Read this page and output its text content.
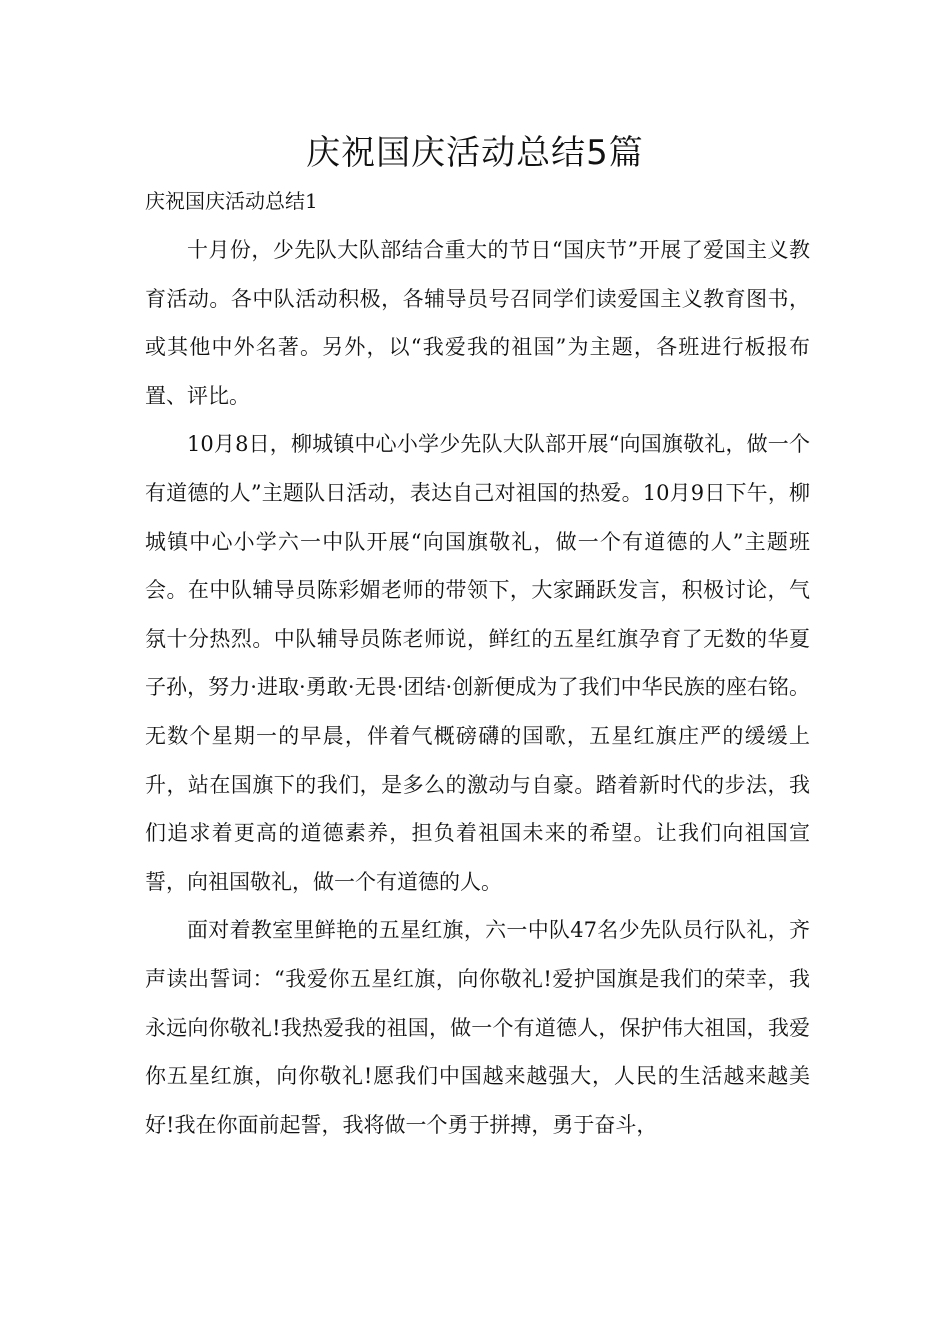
庆祝国庆活动总结5篇
庆祝国庆活动总结1

十月份，少先队大队部结合重大的节日“国庆节”开展了爱国主义教育活动。各中队活动积极，各辅导员号召同学们读爱国主义教育图书，或其他中外名著。另外，以“我爱我的祖国”为主题，各班进行板报布置、评比。

10月8日，柳城镇中心小学少先队大队部开展“向国旗敬礼，做一个有道德的人”主题队日活动，表达自己对祖国的热爱。10月9日下午，柳城镇中心小学六一中队开展“向国旗敬礼，做一个有道德的人”主题班会。在中队辅导员陈彩媚老师的带领下，大家踊跃发言，积极讨论，气氛十分热烈。中队辅导员陈老师说，鲜红的五星红旗孕育了无数的华夏子孙，努力·进取·勇敢·无畏·团结·创新便成为了我们中华民族的座右铭。无数个星期一的早晨，伴着气概磅礴的国歌，五星红旗庄严的缓缓上升，站在国旗下的我们，是多么的激动与自豪。踏着新时代的步法，我们追求着更高的道德素养，担负着祖国未来的希望。让我们向祖国宣誓，向祖国敬礼，做一个有道德的人。

面对着教室里鲜艳的五星红旗，六一中队47名少先队员行队礼，齐声读出誓词：“我爱你五星红旗，向你敬礼!爱护国旗是我们的荣幸，我永远向你敬礼!我热爱我的祖国，做一个有道德人，保护伟大祖国，我爱你五星红旗，向你敬礼!愿我们中国越来越强大，人民的生活越来越美好!我在你面前起誓，我将做一个勇于拼搏，勇于奋斗，
